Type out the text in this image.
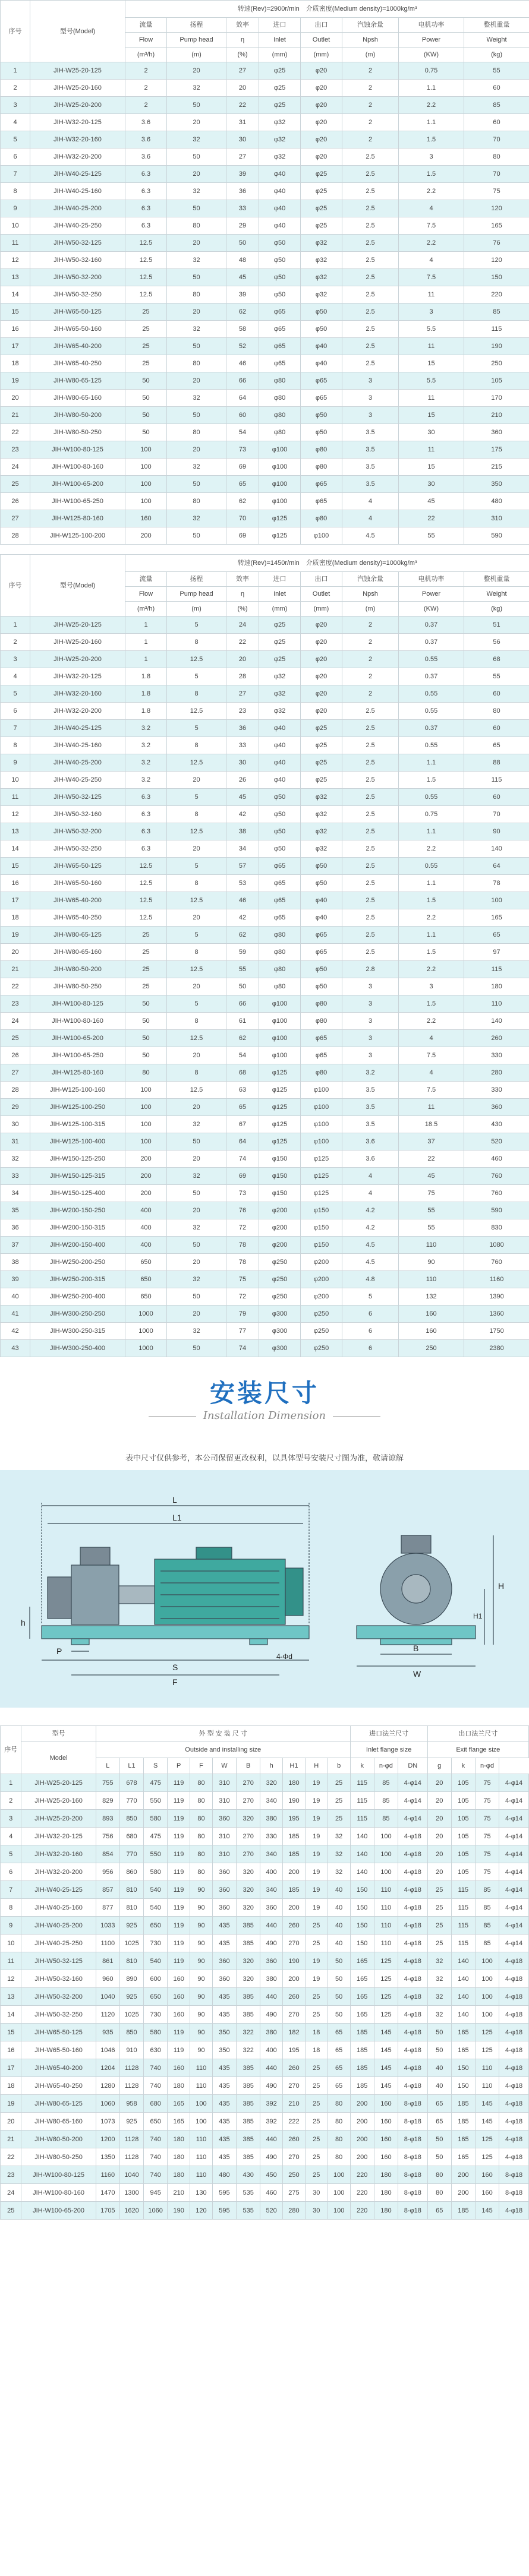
序号	型号(Model)	转速(Rev)=2900r/min　介质密度(Medium density)=1000kg/m³							
		流量	扬程	效率	进口	出口	汽蚀余量	电机功率	整机重量
		Flow	Pump head	η	Inlet	Outlet	Npsh	Power	Weight
		(m³/h)	(m)	(%)	(mm)	(mm)	(m)	(KW)	(kg)
1	JIH-W25-20-125	2	20	27	φ25	φ20	2	0.75	55
2	JIH-W25-20-160	2	32	20	φ25	φ20	2	1.1	60
3	JIH-W25-20-200	2	50	22	φ25	φ20	2	2.2	85
4	JIH-W32-20-125	3.6	20	31	φ32	φ20	2	1.1	60
5	JIH-W32-20-160	3.6	32	30	φ32	φ20	2	1.5	70
6	JIH-W32-20-200	3.6	50	27	φ32	φ20	2.5	3	80
7	JIH-W40-25-125	6.3	20	39	φ40	φ25	2.5	1.5	70
8	JIH-W40-25-160	6.3	32	36	φ40	φ25	2.5	2.2	75
9	JIH-W40-25-200	6.3	50	33	φ40	φ25	2.5	4	120
10	JIH-W40-25-250	6.3	80	29	φ40	φ25	2.5	7.5	165
11	JIH-W50-32-125	12.5	20	50	φ50	φ32	2.5	2.2	76
12	JIH-W50-32-160	12.5	32	48	φ50	φ32	2.5	4	120
13	JIH-W50-32-200	12.5	50	45	φ50	φ32	2.5	7.5	150
14	JIH-W50-32-250	12.5	80	39	φ50	φ32	2.5	11	220
15	JIH-W65-50-125	25	20	62	φ65	φ50	2.5	3	85
16	JIH-W65-50-160	25	32	58	φ65	φ50	2.5	5.5	115
17	JIH-W65-40-200	25	50	52	φ65	φ40	2.5	11	190
18	JIH-W65-40-250	25	80	46	φ65	φ40	2.5	15	250
19	JIH-W80-65-125	50	20	66	φ80	φ65	3	5.5	105
20	JIH-W80-65-160	50	32	64	φ80	φ65	3	11	170
21	JIH-W80-50-200	50	50	60	φ80	φ50	3	15	210
22	JIH-W80-50-250	50	80	54	φ80	φ50	3.5	30	360
23	JIH-W100-80-125	100	20	73	φ100	φ80	3.5	11	175
24	JIH-W100-80-160	100	32	69	φ100	φ80	3.5	15	215
25	JIH-W100-65-200	100	50	65	φ100	φ65	3.5	30	350
26	JIH-W100-65-250	100	80	62	φ100	φ65	4	45	480
27	JIH-W125-80-160	160	32	70	φ125	φ80	4	22	310
28	JIH-W125-100-200	200	50	69	φ125	φ100	4.5	55	590
序号	型号(Model)	转速(Rev)=1450r/min　介质密度(Medium density)=1000kg/m³							
		流量	扬程	效率	进口	出口	汽蚀余量	电机功率	整机重量
		Flow	Pump head	η	Inlet	Outlet	Npsh	Power	Weight
		(m³/h)	(m)	(%)	(mm)	(mm)	(m)	(KW)	(kg)
1	JIH-W25-20-125	1	5	24	φ25	φ20	2	0.37	51
2	JIH-W25-20-160	1	8	22	φ25	φ20	2	0.37	56
3	JIH-W25-20-200	1	12.5	20	φ25	φ20	2	0.55	68
4	JIH-W32-20-125	1.8	5	28	φ32	φ20	2	0.37	55
5	JIH-W32-20-160	1.8	8	27	φ32	φ20	2	0.55	60
6	JIH-W32-20-200	1.8	12.5	23	φ32	φ20	2.5	0.55	80
7	JIH-W40-25-125	3.2	5	36	φ40	φ25	2.5	0.37	60
8	JIH-W40-25-160	3.2	8	33	φ40	φ25	2.5	0.55	65
9	JIH-W40-25-200	3.2	12.5	30	φ40	φ25	2.5	1.1	88
10	JIH-W40-25-250	3.2	20	26	φ40	φ25	2.5	1.5	115
11	JIH-W50-32-125	6.3	5	45	φ50	φ32	2.5	0.55	60
12	JIH-W50-32-160	6.3	8	42	φ50	φ32	2.5	0.75	70
13	JIH-W50-32-200	6.3	12.5	38	φ50	φ32	2.5	1.1	90
14	JIH-W50-32-250	6.3	20	34	φ50	φ32	2.5	2.2	140
15	JIH-W65-50-125	12.5	5	57	φ65	φ50	2.5	0.55	64
16	JIH-W65-50-160	12.5	8	53	φ65	φ50	2.5	1.1	78
17	JIH-W65-40-200	12.5	12.5	46	φ65	φ40	2.5	1.5	100
18	JIH-W65-40-250	12.5	20	42	φ65	φ40	2.5	2.2	165
19	JIH-W80-65-125	25	5	62	φ80	φ65	2.5	1.1	65
20	JIH-W80-65-160	25	8	59	φ80	φ65	2.5	1.5	97
21	JIH-W80-50-200	25	12.5	55	φ80	φ50	2.8	2.2	115
22	JIH-W80-50-250	25	20	50	φ80	φ50	3	3	180
23	JIH-W100-80-125	50	5	66	φ100	φ80	3	1.5	110
24	JIH-W100-80-160	50	8	61	φ100	φ80	3	2.2	140
25	JIH-W100-65-200	50	12.5	62	φ100	φ65	3	4	260
26	JIH-W100-65-250	50	20	54	φ100	φ65	3	7.5	330
27	JIH-W125-80-160	80	8	68	φ125	φ80	3.2	4	280
28	JIH-W125-100-160	100	12.5	63	φ125	φ100	3.5	7.5	330
29	JIH-W125-100-250	100	20	65	φ125	φ100	3.5	11	360
30	JIH-W125-100-315	100	32	67	φ125	φ100	3.5	18.5	430
31	JIH-W125-100-400	100	50	64	φ125	φ100	3.6	37	520
32	JIH-W150-125-250	200	20	74	φ150	φ125	3.6	22	460
33	JIH-W150-125-315	200	32	69	φ150	φ125	4	45	760
34	JIH-W150-125-400	200	50	73	φ150	φ125	4	75	760
35	JIH-W200-150-250	400	20	76	φ200	φ150	4.2	55	590
36	JIH-W200-150-315	400	32	72	φ200	φ150	4.2	55	830
37	JIH-W200-150-400	400	50	78	φ200	φ150	4.5	110	1080
38	JIH-W250-200-250	650	20	78	φ250	φ200	4.5	90	760
39	JIH-W250-200-315	650	32	75	φ250	φ200	4.8	110	1160
40	JIH-W250-200-400	650	50	72	φ250	φ200	5	132	1390
41	JIH-W300-250-250	1000	20	79	φ300	φ250	6	160	1360
42	JIH-W300-250-315	1000	32	77	φ300	φ250	6	160	1750
43	JIH-W300-250-400	1000	50	74	φ300	φ250	6	250	2380
安装尺寸
Installation Dimension
表中尺寸仅供参考，本公司保留更改权利，以具体型号安装尺寸图为准，敬请谅解
L
L1
S
P
F
h
4-Φd
W
B
H
H1
序号	型号	外 型 安 装 尺 寸											进口法兰尺寸			出口法兰尺寸			
	Model	Outside and installing size											Inlet flange size			Exit flange size			
		L	L1	S	P	F	W	B	h	H1	H	b	k	n-φd	DN	g	k	n-φd	
1	JIH-W25-20-125	755	678	475	119	80	310	270	320	180	19	25	115	85	4-φ14	20	105	75	4-φ14
2	JIH-W25-20-160	829	770	550	119	80	310	270	340	190	19	25	115	85	4-φ14	20	105	75	4-φ14
3	JIH-W25-20-200	893	850	580	119	80	360	320	380	195	19	25	115	85	4-φ14	20	105	75	4-φ14
4	JIH-W32-20-125	756	680	475	119	80	310	270	330	185	19	32	140	100	4-φ18	20	105	75	4-φ14
5	JIH-W32-20-160	854	770	550	119	80	310	270	340	185	19	32	140	100	4-φ18	20	105	75	4-φ14
6	JIH-W32-20-200	956	860	580	119	80	360	320	400	200	19	32	140	100	4-φ18	20	105	75	4-φ14
7	JIH-W40-25-125	857	810	540	119	90	360	320	340	185	19	40	150	110	4-φ18	25	115	85	4-φ14
8	JIH-W40-25-160	877	810	540	119	90	360	320	360	200	19	40	150	110	4-φ18	25	115	85	4-φ14
9	JIH-W40-25-200	1033	925	650	119	90	435	385	440	260	25	40	150	110	4-φ18	25	115	85	4-φ14
10	JIH-W40-25-250	1100	1025	730	119	90	435	385	490	270	25	40	150	110	4-φ18	25	115	85	4-φ14
11	JIH-W50-32-125	861	810	540	119	90	360	320	360	190	19	50	165	125	4-φ18	32	140	100	4-φ18
12	JIH-W50-32-160	960	890	600	160	90	360	320	380	200	19	50	165	125	4-φ18	32	140	100	4-φ18
13	JIH-W50-32-200	1040	925	650	160	90	435	385	440	260	25	50	165	125	4-φ18	32	140	100	4-φ18
14	JIH-W50-32-250	1120	1025	730	160	90	435	385	490	270	25	50	165	125	4-φ18	32	140	100	4-φ18
15	JIH-W65-50-125	935	850	580	119	90	350	322	380	182	18	65	185	145	4-φ18	50	165	125	4-φ18
16	JIH-W65-50-160	1046	910	630	119	90	350	322	400	195	18	65	185	145	4-φ18	50	165	125	4-φ18
17	JIH-W65-40-200	1204	1128	740	160	110	435	385	440	260	25	65	185	145	4-φ18	40	150	110	4-φ18
18	JIH-W65-40-250	1280	1128	740	180	110	435	385	490	270	25	65	185	145	4-φ18	40	150	110	4-φ18
19	JIH-W80-65-125	1060	958	680	165	100	435	385	392	210	25	80	200	160	8-φ18	65	185	145	4-φ18
20	JIH-W80-65-160	1073	925	650	165	100	435	385	392	222	25	80	200	160	8-φ18	65	185	145	4-φ18
21	JIH-W80-50-200	1200	1128	740	180	110	435	385	440	260	25	80	200	160	8-φ18	50	165	125	4-φ18
22	JIH-W80-50-250	1350	1128	740	180	110	435	385	490	270	25	80	200	160	8-φ18	50	165	125	4-φ18
23	JIH-W100-80-125	1160	1040	740	180	110	480	430	450	250	25	100	220	180	8-φ18	80	200	160	8-φ18
24	JIH-W100-80-160	1470	1300	945	210	130	595	535	460	275	30	100	220	180	8-φ18	80	200	160	8-φ18
25	JIH-W100-65-200	1705	1620	1060	190	120	595	535	520	280	30	100	220	180	8-φ18	65	185	145	4-φ18
